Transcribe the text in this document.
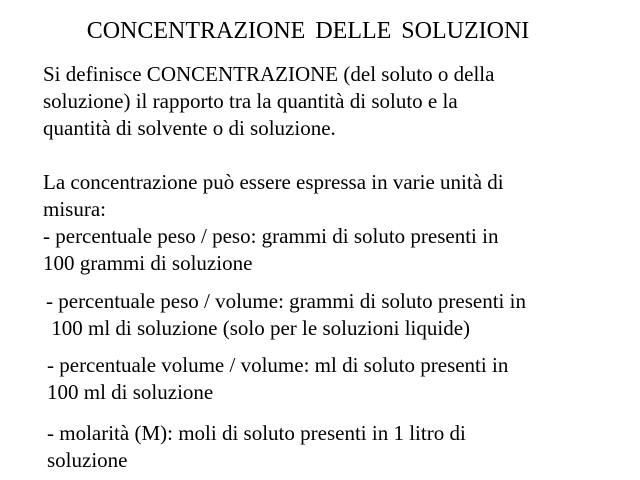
CONCENTRAZIONE DELLE SOLUZIONI
Si definisce CONCENTRAZIONE (del soluto o della
soluzione) il rapporto tra la quantità di soluto e la
quantità di solvente o di soluzione.
La concentrazione può essere espressa in varie unità di
misura:
- percentuale peso / peso: grammi di soluto presenti in
100 grammi di soluzione
- percentuale peso / volume: grammi di soluto presenti in
100 ml di soluzione (solo per le soluzioni liquide)
- percentuale volume / volume: ml di soluto presenti in
100 ml di soluzione
- molarità (M): moli di soluto presenti in 1 litro di
soluzione
